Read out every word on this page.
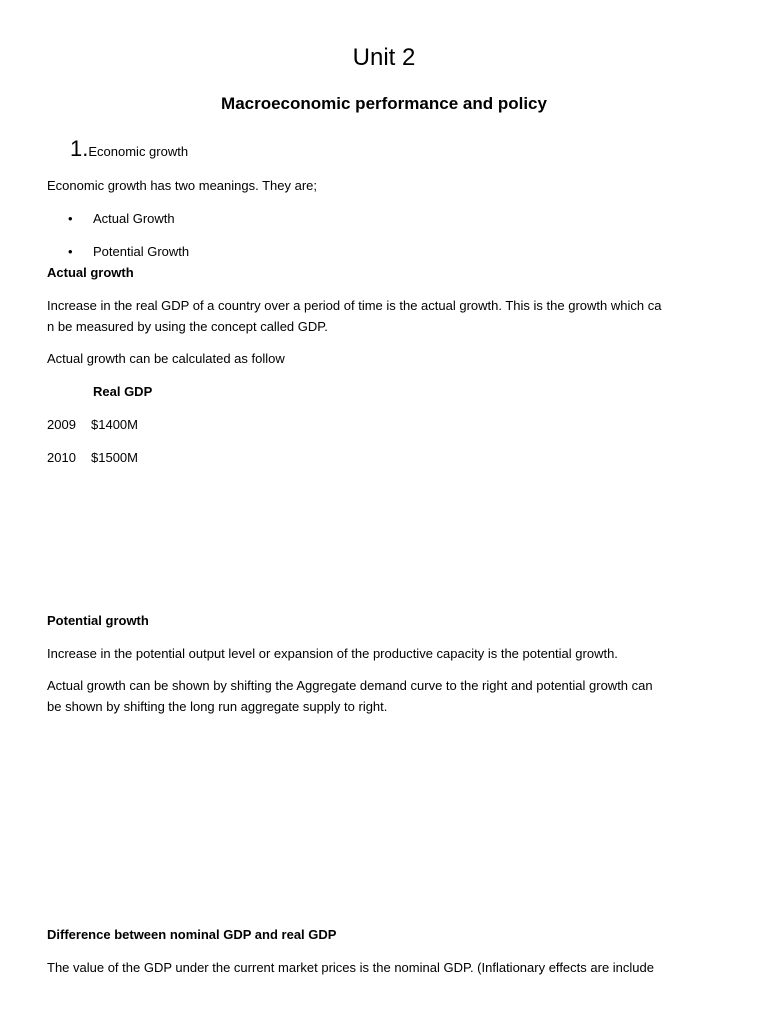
Unit 2
Macroeconomic performance and policy
1.Economic growth
Economic growth has two meanings. They are;
• Actual Growth
• Potential Growth
Actual growth
Increase in the real GDP of a country over a period of time is the actual growth. This is the growth which ca
n be measured by using the concept called GDP.
Actual growth can be calculated as follow
Real GDP
2009 $1400M
2010 $1500M
Potential growth
Increase in the potential output level or expansion of the productive capacity is the potential growth.
Actual growth can be shown by shifting the Aggregate demand curve to the right and potential growth can
be shown by shifting the long run aggregate supply to right.
Difference between nominal GDP and real GDP
The value of the GDP under the current market prices is the nominal GDP. (Inflationary effects are include
